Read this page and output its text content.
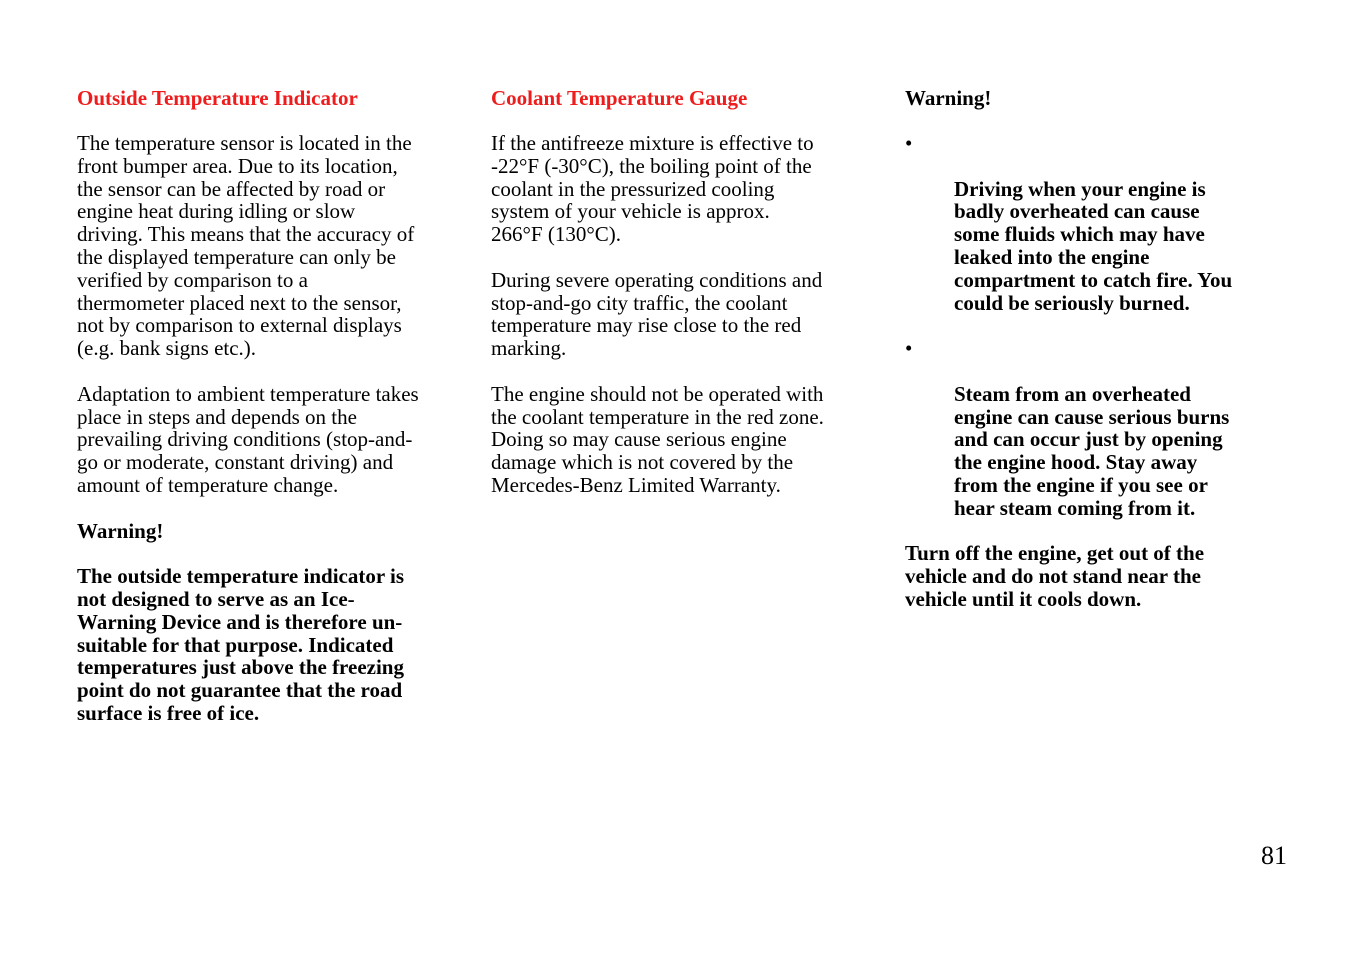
Outside Temperature Indicator

The temperature sensor is located in the
front bumper area. Due to its location,
the sensor can be affected by road or
engine heat during idling or slow
driving. This means that the accuracy of
the displayed temperature can only be
verified by comparison to a
thermometer placed next to the sensor,
not by comparison to external displays
(e.g. bank signs etc.).

Adaptation to ambient temperature takes
place in steps and depends on the
prevailing driving conditions (stop-and-
go or moderate, constant driving) and
amount of temperature change.

Warning!

The outside temperature indicator is
not designed to serve as an Ice-
Warning Device and is therefore un-
suitable for that purpose. Indicated
temperatures just above the freezing
point do not guarantee that the road
surface is free of ice.

Coolant Temperature Gauge

If the antifreeze mixture is effective to
-22°F (-30°C), the boiling point of the
coolant in the pressurized cooling
system of your vehicle is approx.
266°F (130°C).

During severe operating conditions and
stop-and-go city traffic, the coolant
temperature may rise close to the red
marking.

The engine should not be operated with
the coolant temperature in the red zone.
Doing so may cause serious engine
damage which is not covered by the
Mercedes-Benz Limited Warranty.

Warning!

•

Driving when your engine is
badly overheated can cause
some fluids which may have
leaked into the engine
compartment to catch fire. You
could be seriously burned.

•

Steam from an overheated
engine can cause serious burns
and can occur just by opening
the engine hood. Stay away
from the engine if you see or
hear steam coming from it.

Turn off the engine, get out of the
vehicle and do not stand near the
vehicle until it cools down.

81
